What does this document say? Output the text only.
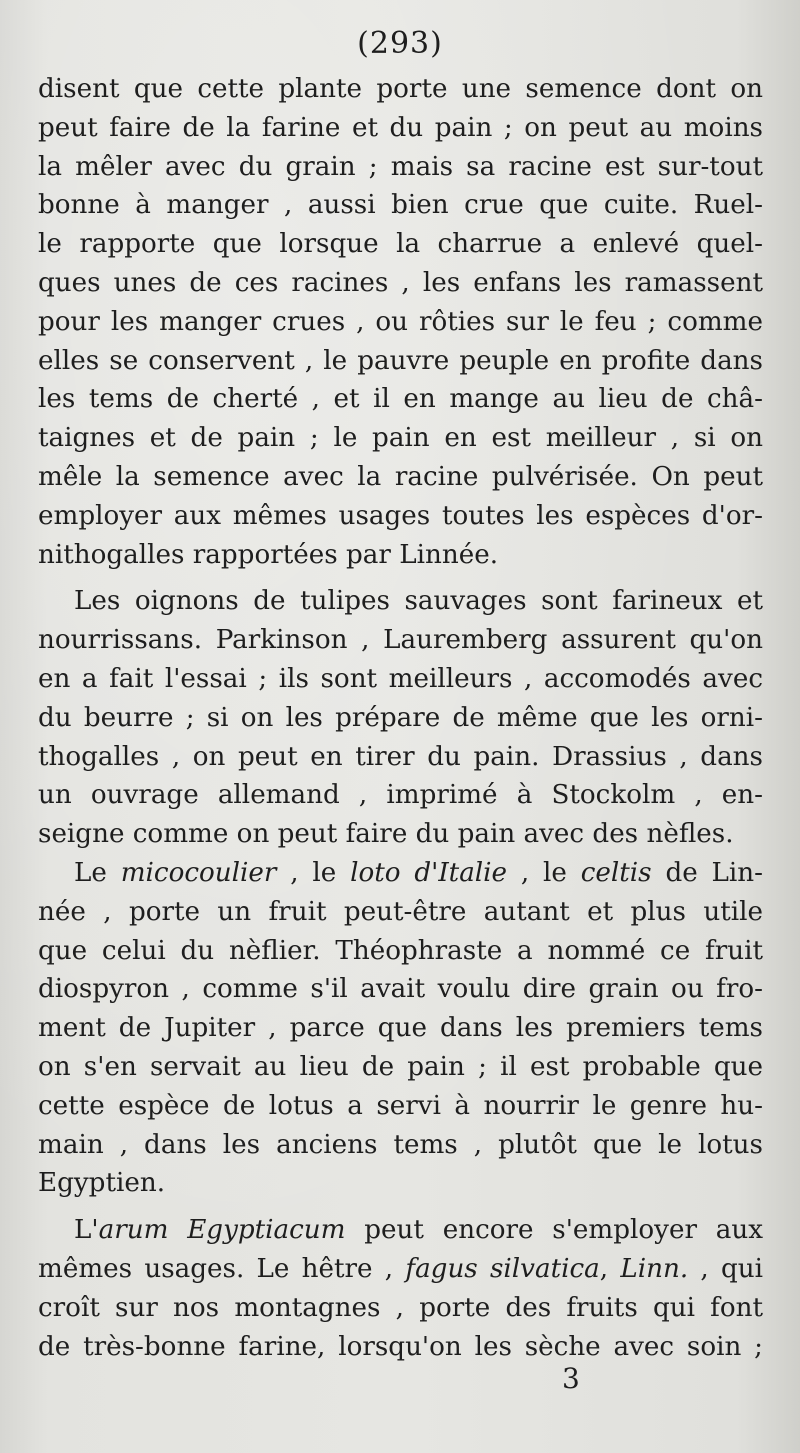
(293)
disent que cette plante porte une semence dont on
peut faire de la farine et du pain ; on peut au moins
la mêler avec du grain ; mais sa racine est sur-tout
bonne à manger , aussi bien crue que cuite. Ruel-
le rapporte que lorsque la charrue a enlevé quel-
ques unes de ces racines , les enfans les ramassent
pour les manger crues , ou rôties sur le feu ; comme
elles se conservent , le pauvre peuple en profite dans
les tems de cherté , et il en mange au lieu de châ-
taignes et de pain ; le pain en est meilleur , si on
mêle la semence avec la racine pulvérisée. On peut
employer aux mêmes usages toutes les espèces d'or-
nithogalles rapportées par Linnée.
Les oignons de tulipes sauvages sont farineux et
nourrissans. Parkinson , Lauremberg assurent qu'on
en a fait l'essai ; ils sont meilleurs , accomodés avec
du beurre ; si on les prépare de même que les orni-
thogalles , on peut en tirer du pain. Drassius , dans
un ouvrage allemand , imprimé à Stockolm , en-
seigne comme on peut faire du pain avec des nèfles.
Le micocoulier , le loto d'Italie , le celtis de Lin-
née , porte un fruit peut-être autant et plus utile
que celui du nèflier. Théophraste a nommé ce fruit
diospyron , comme s'il avait voulu dire grain ou fro-
ment de Jupiter , parce que dans les premiers tems
on s'en servait au lieu de pain ; il est probable que
cette espèce de lotus a servi à nourrir le genre hu-
main , dans les anciens tems , plutôt que le lotus
Egyptien.
L'arum Egyptiacum peut encore s'employer aux
mêmes usages. Le hêtre , fagus silvatica, Linn. , qui
croît sur nos montagnes , porte des fruits qui font
de très-bonne farine, lorsqu'on les sèche avec soin ;
3
